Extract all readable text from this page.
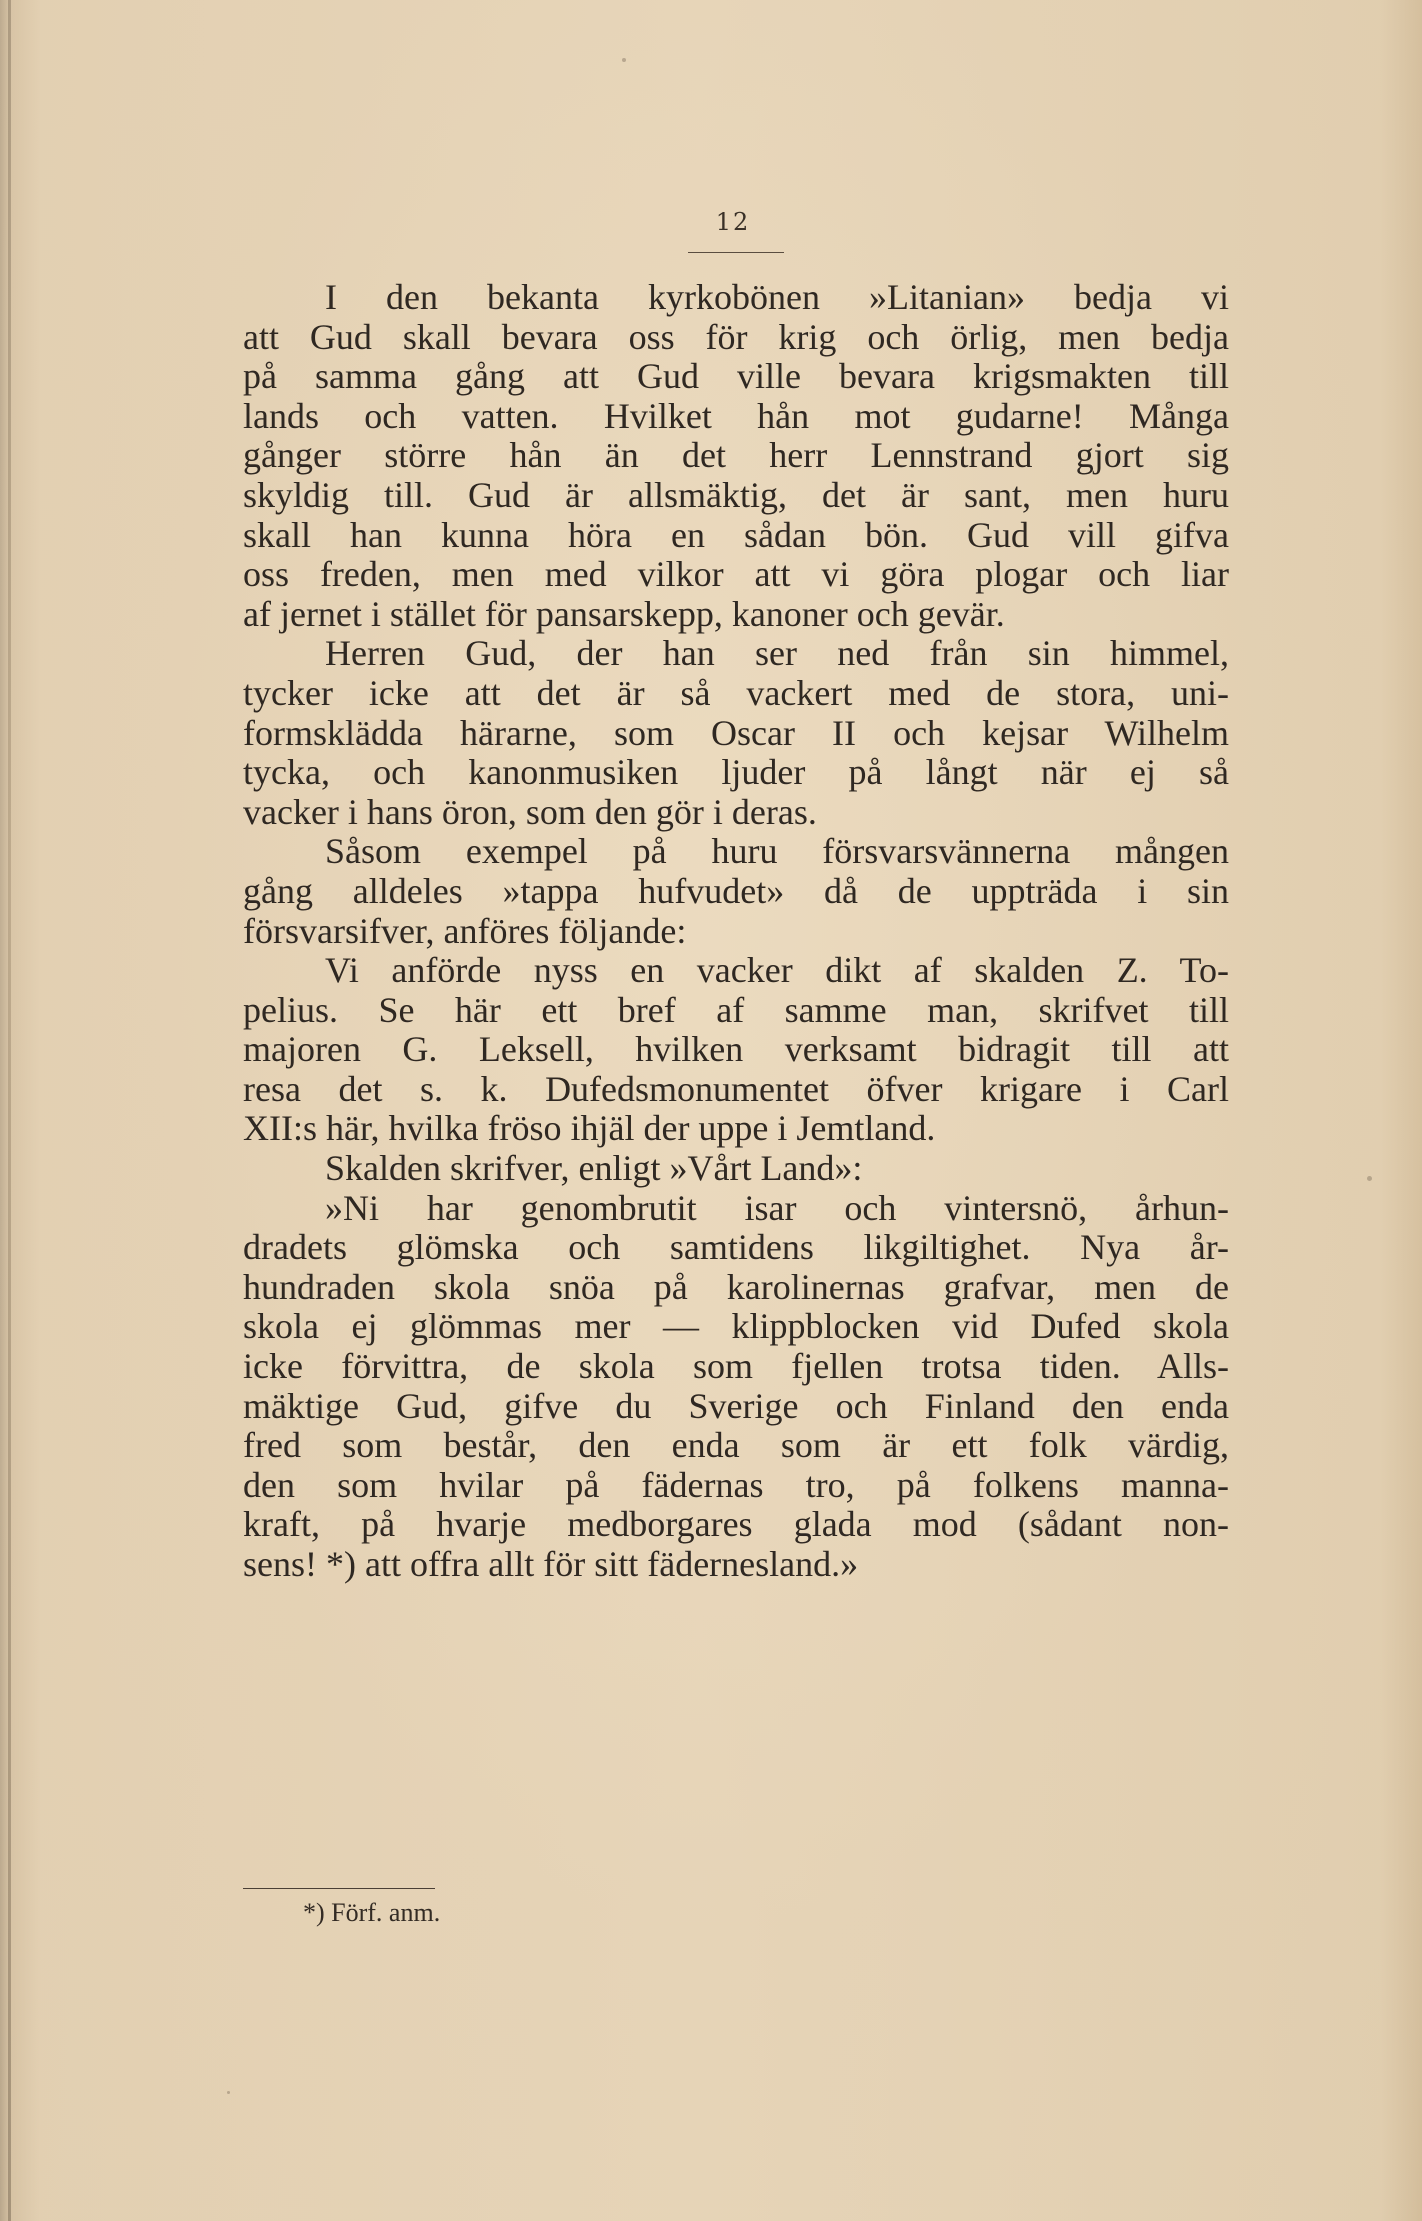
12
I den bekanta kyrkobönen »Litanian» bedja vi
att Gud skall bevara oss för krig och örlig, men bedja
på samma gång att Gud ville bevara krigsmakten till
lands och vatten. Hvilket hån mot gudarne! Många
gånger större hån än det herr Lennstrand gjort sig
skyldig till. Gud är allsmäktig, det är sant, men huru
skall han kunna höra en sådan bön. Gud vill gifva
oss freden, men med vilkor att vi göra plogar och liar
af jernet i stället för pansarskepp, kanoner och gevär.
Herren Gud, der han ser ned från sin himmel,
tycker icke att det är så vackert med de stora, uni-
formsklädda härarne, som Oscar II och kejsar Wilhelm
tycka, och kanonmusiken ljuder på långt när ej så
vacker i hans öron, som den gör i deras.
Såsom exempel på huru försvarsvännerna mången
gång alldeles »tappa hufvudet» då de uppträda i sin
försvarsifver, anföres följande:
Vi anförde nyss en vacker dikt af skalden Z. To-
pelius. Se här ett bref af samme man, skrifvet till
majoren G. Leksell, hvilken verksamt bidragit till att
resa det s. k. Dufedsmonumentet öfver krigare i Carl
XII:s här, hvilka fröso ihjäl der uppe i Jemtland.
Skalden skrifver, enligt »Vårt Land»:
»Ni har genombrutit isar och vintersnö, århun-
dradets glömska och samtidens likgiltighet. Nya år-
hundraden skola snöa på karolinernas grafvar, men de
skola ej glömmas mer — klippblocken vid Dufed skola
icke förvittra, de skola som fjellen trotsa tiden. Alls-
mäktige Gud, gifve du Sverige och Finland den enda
fred som består, den enda som är ett folk värdig,
den som hvilar på fädernas tro, på folkens manna-
kraft, på hvarje medborgares glada mod (sådant non-
sens! *) att offra allt för sitt fädernesland.»
*) Förf. anm.
